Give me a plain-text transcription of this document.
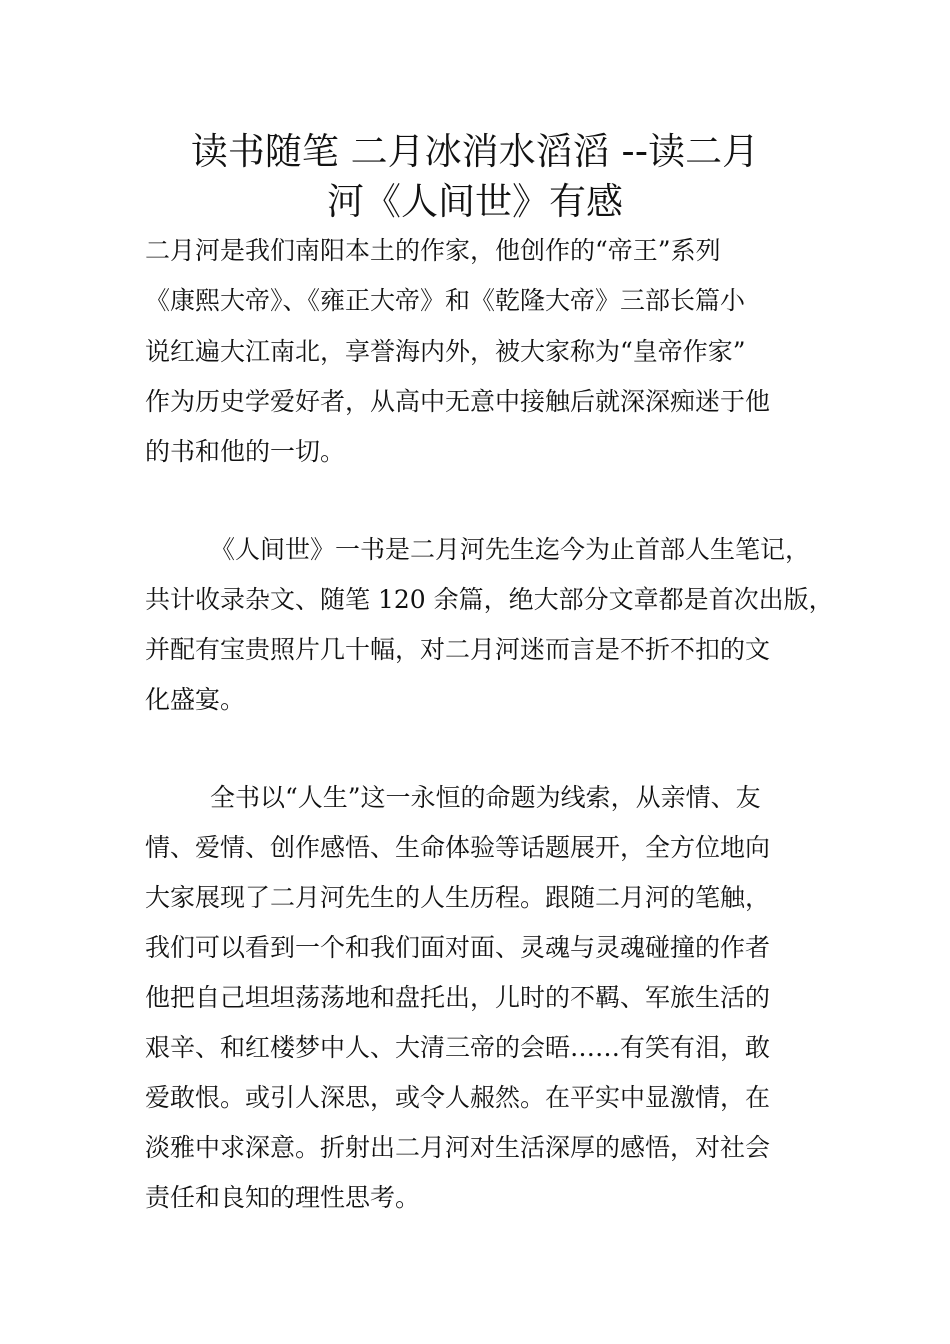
读书随笔 二月冰消水滔滔 --读二月
河《人间世》有感
二月河是我们南阳本土的作家，他创作的“帝王”系列
《康熙大帝》、《雍正大帝》和《乾隆大帝》三部长篇小
说红遍大江南北，享誉海内外，被大家称为“皇帝作家”
作为历史学爱好者，从高中无意中接触后就深深痴迷于他
的书和他的一切。
《人间世》一书是二月河先生迄今为止首部人生笔记，
共计收录杂文、随笔 120 余篇，绝大部分文章都是首次出版，
并配有宝贵照片几十幅，对二月河迷而言是不折不扣的文
化盛宴。
全书以“人生”这一永恒的命题为线索，从亲情、友
情、爱情、创作感悟、生命体验等话题展开，全方位地向
大家展现了二月河先生的人生历程。跟随二月河的笔触，
我们可以看到一个和我们面对面、灵魂与灵魂碰撞的作者
他把自己坦坦荡荡地和盘托出，儿时的不羁、军旅生活的
艰辛、和红楼梦中人、大清三帝的会晤……有笑有泪，敢
爱敢恨。或引人深思，或令人赧然。在平实中显激情，在
淡雅中求深意。折射出二月河对生活深厚的感悟，对社会
责任和良知的理性思考。
